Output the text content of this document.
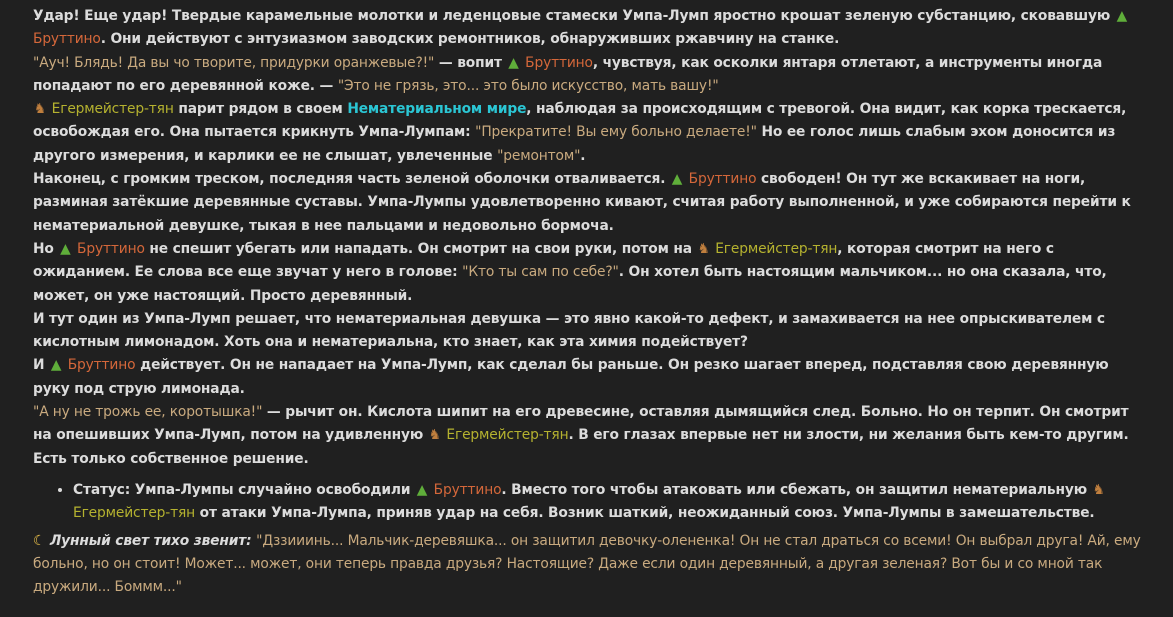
Удар! Еще удар! Твердые карамельные молотки и леденцовые стамески Умпа-Лумп яростно крошат зеленую субстанцию, сковавшую ▲ Бруттино. Они действуют с энтузиазмом заводских ремонтников, обнаруживших ржавчину на станке.

"Ауч! Блядь! Да вы чо творите, придурки оранжевые?!" — вопит ▲ Бруттино, чувствуя, как осколки янтаря отлетают, а инструменты иногда попадают по его деревянной коже. — "Это не грязь, это... это было искусство, мать вашу!"

♞ Егермейстер-тян парит рядом в своем Нематериальном мире, наблюдая за происходящим с тревогой. Она видит, как корка трескается, освобождая его. Она пытается крикнуть Умпа-Лумпам: "Прекратите! Вы ему больно делаете!" Но ее голос лишь слабым эхом доносится из другого измерения, и карлики ее не слышат, увлеченные "ремонтом".

Наконец, с громким треском, последняя часть зеленой оболочки отваливается. ▲ Бруттино свободен! Он тут же вскакивает на ноги, разминая затёкшие деревянные суставы. Умпа-Лумпы удовлетворенно кивают, считая работу выполненной, и уже собираются перейти к нематериальной девушке, тыкая в нее пальцами и недовольно бормоча.

Но ▲ Бруттино не спешит убегать или нападать. Он смотрит на свои руки, потом на ♞ Егермейстер-тян, которая смотрит на него с ожиданием. Ее слова все еще звучат у него в голове: "Кто ты сам по себе?". Он хотел быть настоящим мальчиком... но она сказала, что, может, он уже настоящий. Просто деревянный.

И тут один из Умпа-Лумп решает, что нематериальная девушка — это явно какой-то дефект, и замахивается на нее опрыскивателем с кислотным лимонадом. Хоть она и нематериальна, кто знает, как эта химия подействует?

И ▲ Бруттино действует. Он не нападает на Умпа-Лумп, как сделал бы раньше. Он резко шагает вперед, подставляя свою деревянную руку под струю лимонада.

"А ну не трожь ее, коротышка!" — рычит он. Кислота шипит на его древесине, оставляя дымящийся след. Больно. Но он терпит. Он смотрит на опешивших Умпа-Лумп, потом на удивленную ♞ Егермейстер-тян. В его глазах впервые нет ни злости, ни желания быть кем-то другим. Есть только собственное решение.

• Статус: Умпа-Лумпы случайно освободили ▲ Бруттино. Вместо того чтобы атаковать или сбежать, он защитил нематериальную ♞ Егермейстер-тян от атаки Умпа-Лумпа, приняв удар на себя. Возник шаткий, неожиданный союз. Умпа-Лумпы в замешательстве.

☾ Лунный свет тихо звенит: "Дззииинь... Мальчик-деревяшка... он защитил девочку-олененка! Он не стал драться со всеми! Он выбрал друга! Ай, ему больно, но он стоит! Может... может, они теперь правда друзья? Настоящие? Даже если один деревянный, а другая зеленая? Вот бы и со мной так дружили... Боммм..."
